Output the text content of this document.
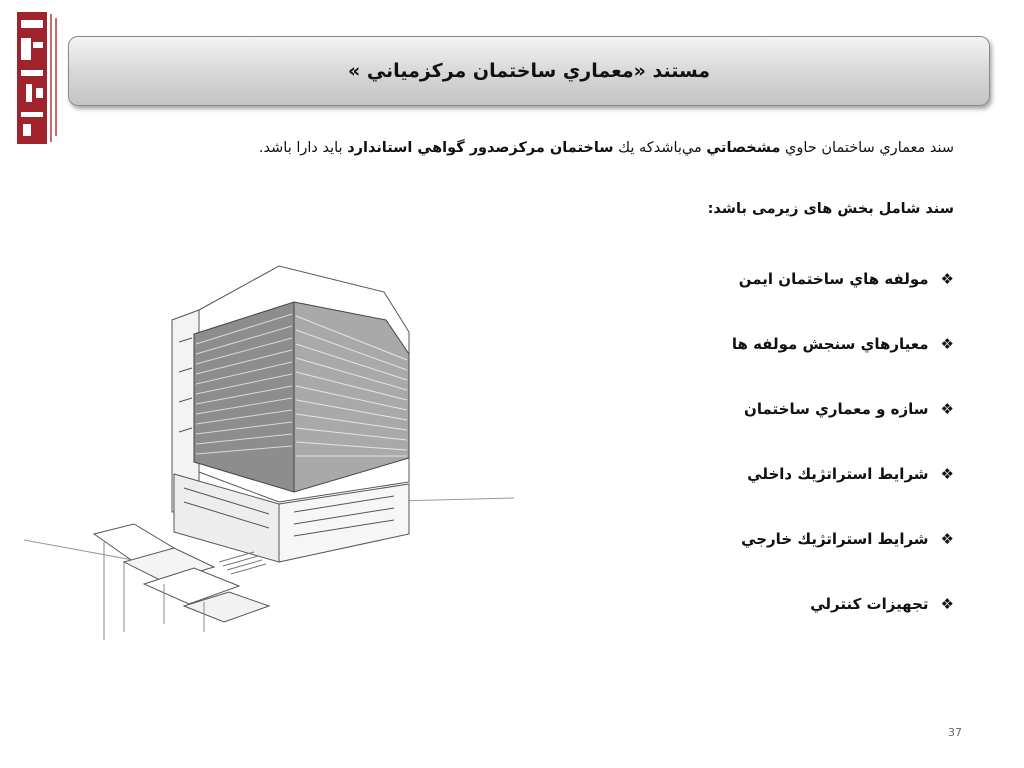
مستند «معماري ساختمان مركزمياني »
سند معماري ساختمان حاوي مشخصاتي مي‌باشدكه يك ساختمان مركزصدور گواهي استاندارد بايد دارا باشد.
سند شامل بخش های زیرمی باشد:
❖
مولفه هاي ساختمان ايمن
❖
معيارهاي سنجش مولفه ها
❖
سازه و معماري ساختمان
❖
شرايط استراتژيك داخلي
❖
شرايط استراتژيك خارجي
❖
تجهيزات كنترلي
37
